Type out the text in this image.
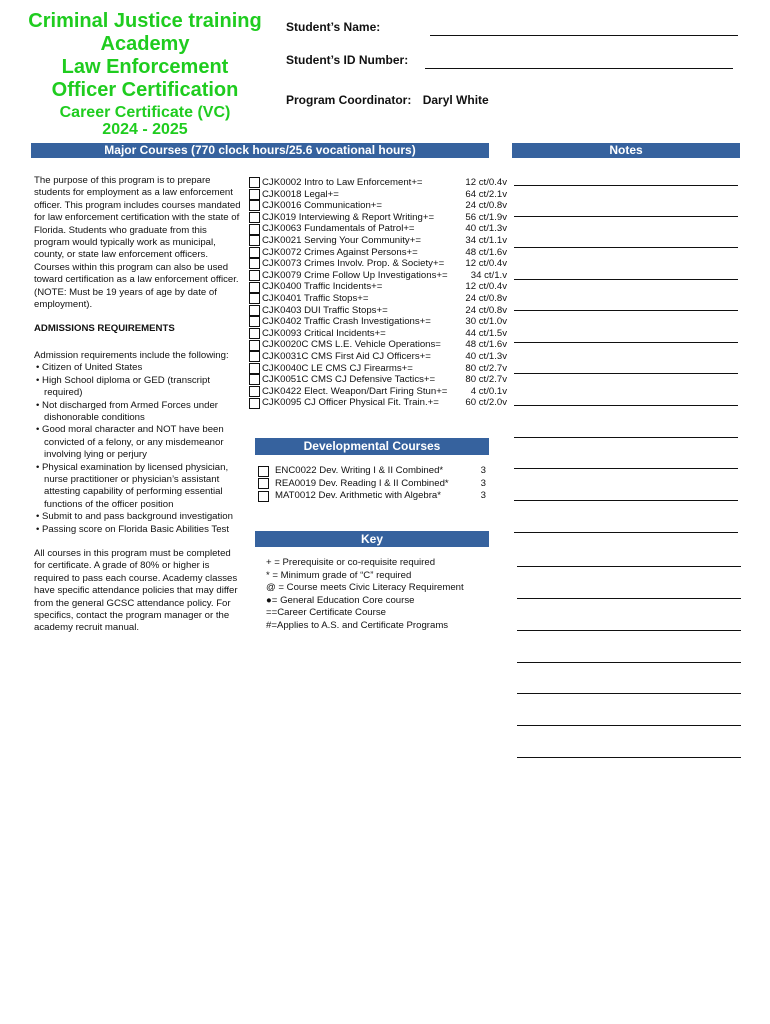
Criminal Justice training
Academy
Law Enforcement
Officer Certification
Career Certificate (VC)
2024 - 2025
Student’s Name:
Student’s ID Number:
Program Coordinator: Daryl White
Major Courses (770 clock hours/25.6 vocational hours)	Notes

The purpose of this program is to prepare students for employment as a law enforcement officer. This program includes courses mandated for law enforcement certification with the state of Florida. Students who graduate from this program would typically work as municipal, county, or state law enforcement officers. Courses within this program can also be used toward certification as a law enforcement officer. (NOTE: Must be 19 years of age by date of employment).

ADMISSIONS REQUIREMENTS

Admission requirements include the following:

• Citizen of United States
• High School diploma or GED (transcript required)
• Not discharged from Armed Forces under dishonorable conditions
• Good moral character and NOT have been convicted of a felony, or any misdemeanor involving lying or perjury
• Physical examination by licensed physician, nurse practitioner or physician’s assistant attesting capability of performing essential functions of the officer position
• Submit to and pass background investigation
• Passing score on Florida Basic Abilities Test

All courses in this program must be completed for certificate. A grade of 80% or higher is required to pass each course. Academy classes have specific attendance policies that may differ from the general GCSC attendance policy. For specifics, contact the program manager or the academy recruit manual.

CJK0002 Intro to Law Enforcement+=	12 ct/0.4v
CJK0018 Legal+=	64 ct/2.1v
CJK0016 Communication+=	24 ct/0.8v
CJK019 Interviewing & Report Writing+=	56 ct/1.9v
CJK0063 Fundamentals of Patrol+=	40 ct/1.3v
CJK0021 Serving Your Community+=	34 ct/1.1v
CJK0072 Crimes Against Persons+=	48 ct/1.6v
CJK0073 Crimes Involv. Prop. & Society+= 12 ct/0.4v
CJK0079 Crime Follow Up Investigations+= 34 ct/1.v
CJK0400 Traffic Incidents+=	12 ct/0.4v
CJK0401 Traffic Stops+=	24 ct/0.8v
CJK0403 DUI Traffic Stops+=	24 ct/0.8v
CJK0402 Traffic Crash Investigations+=	30 ct/1.0v
CJK0093 Critical Incidents+=	44 ct/1.5v
CJK0020C CMS L.E. Vehicle Operations=	48 ct/1.6v
CJK0031C CMS First Aid CJ Officers+=	40 ct/1.3v
CJK0040C LE CMS CJ Firearms+=	80 ct/2.7v
CJK0051C CMS CJ Defensive Tactics+=	80 ct/2.7v
CJK0422 Elect. Weapon/Dart Firing Stun+= 4 ct/0.1v
CJK0095 CJ Officer Physical Fit. Train.+=	60 ct/2.0v
Developmental Courses
ENC0022 Dev. Writing I & II Combined*	3
REA0019 Dev. Reading I & II Combined*	3
MAT0012 Dev. Arithmetic with Algebra*	3
Key
+ = Prerequisite or co-requisite required
* = Minimum grade of “C” required
@ = Course meets Civic Literacy Requirement
●= General Education Core course
==Career Certificate Course
#=Applies to A.S. and Certificate Programs
